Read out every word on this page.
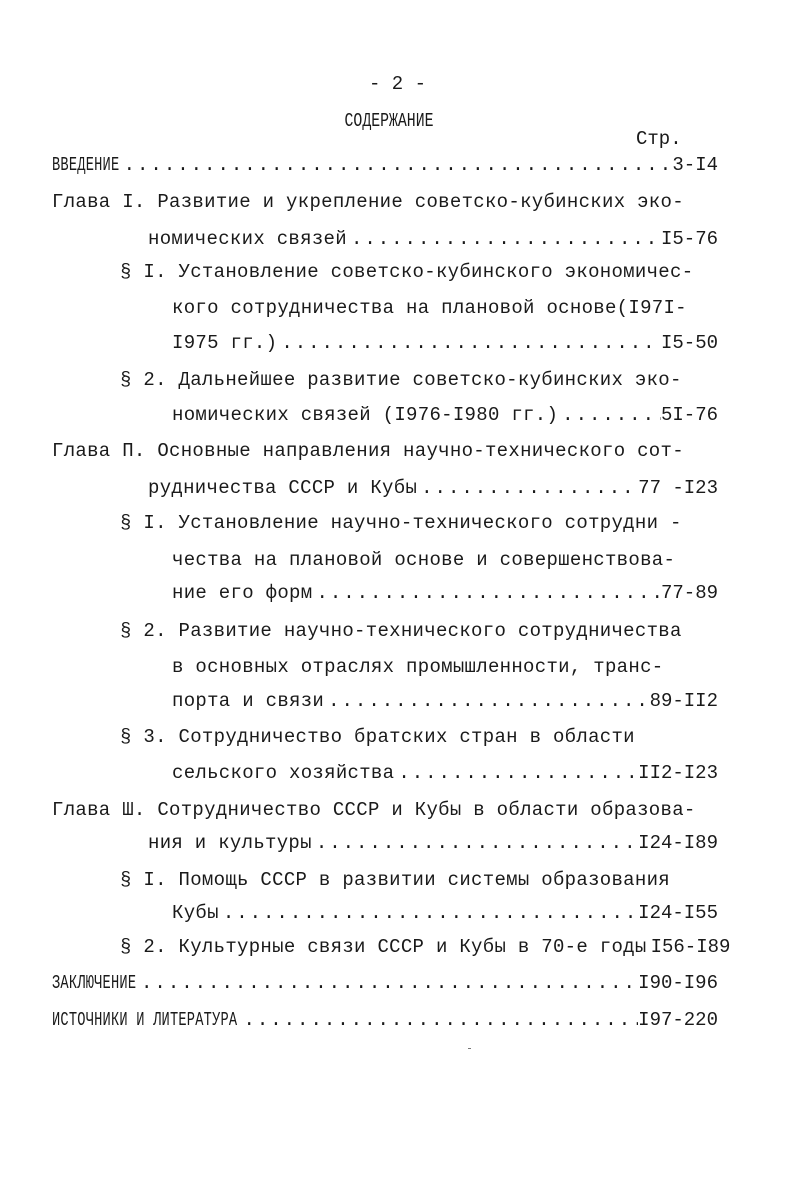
- 2 -
СОДЕРЖАНИЕ
Стр.
ВВЕДЕНИЕ .....	3-I4
Глава I. Развитие и укрепление советско-кубинских эко-
номических связей .....	I5-76
§ I. Установление советско-кубинского экономичес-
кого сотрудничества на плановой основе(I97I-
I975 гг.) .....	I5-50
§ 2. Дальнейшее развитие советско-кубинских эко-
номических связей (I976-I980 гг.) .....	5I-76
Глава П. Основные направления научно-технического сот-
рудничества СССР и Кубы .....	77 -I23
§ I. Установление научно-технического сотрудни -
чества на плановой основе и совершенствова-
ние его форм .....	77-89
§ 2. Развитие научно-технического сотрудничества
в основных отраслях промышленности, транс-
порта и связи .....	89-II2
§ 3. Сотрудничество братских стран в области
сельского хозяйства .....	II2-I23
Глава Ш. Сотрудничество СССР и Кубы в области образова-
ния и культуры .....	I24-I89
§ I. Помощь СССР в развитии системы образования
Кубы .....	I24-I55
§ 2. Культурные связи СССР и Кубы в 70-е годы I56-I89
ЗАКЛЮЧЕНИЕ .....	I90-I96
ИСТОЧНИКИ И ЛИТЕРАТУРА .....	I97-220
